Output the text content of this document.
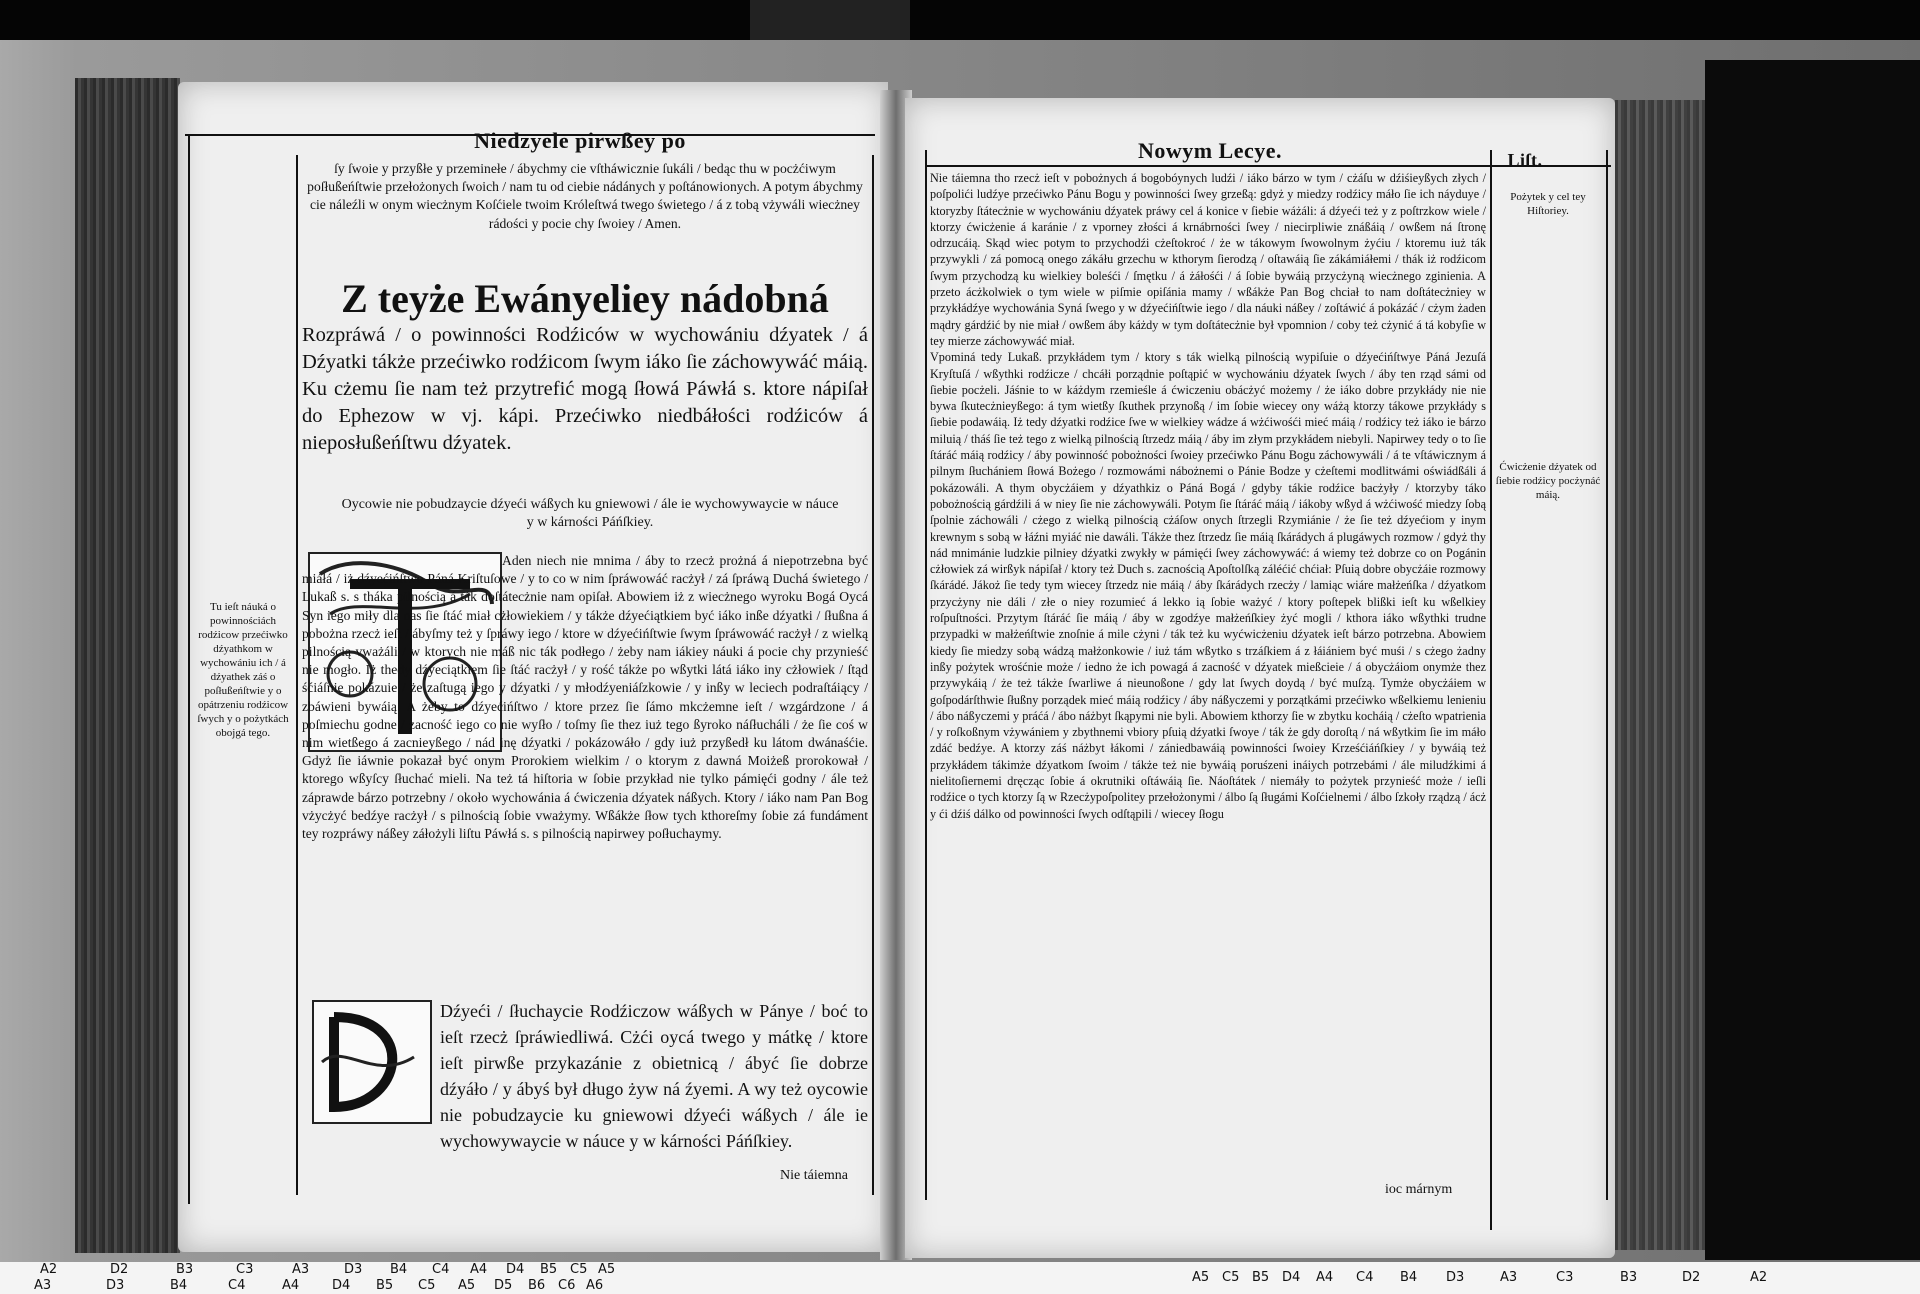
Niedzyele pirwßey po
ſy ſwoie y przyßłe y przeminełe / ábychmy cie vſtháwicznie ſukáli / bedąc thu w pocżćiwym poſłußeńſtwie przełożonych ſwoich / nam tu od ciebie nádánych y poſtánowionych. A potym ábychmy cie náleźli w onym wiecżnym Koſćiele twoim Króleſtwá twego świetego / á z tobą vżywáli wiecżney rádości y pocie chy ſwoiey / Amen.
Z teyże Ewányeliey nádobná
Rozpráwá / o powinności Rodźiców w wychowániu dźyatek / á Dźyatki tákże przećiwko rodźicom ſwym iáko ſie záchowywáć máią. Ku cżemu ſie nam też przytrefić mogą ſłowá Páwłá s. ktore nápiſał do Ephezow w vj. kápi. Przećiwko niedbáłości rodźiców á nieposłußeńſtwu dźyatek.
Oycowie nie pobudzaycie dźyeći wáßych ku gniewowi / ále ie wychowywaycie w náuce y w kárności Páńſkiey.
Aden niech nie mnima / áby to rzecż prożná á niepotrzebna być miáłá / iż dźyećińſtwo Páná Kriſtuſowe / y to co w nim ſpráwowáć racżył / zá ſpráwą Duchá świetego / Lukaß s. s tháka pilnością á ták doſtátecżnie nam opiſał. Abowiem iż z wiecżnego wyroku Bogá Oycá Syn iego miły dla nas ſie ſtáć miał cżłowiekiem / y tákże dźyećiątkiem być iáko inße dźyatki / ſłußna á pobożna rzecż ieſt / ábyſmy też y ſpráwy iego / ktore w dźyećińſtwie ſwym ſpráwowáć racżył / z wielką pilnością vważáli / w ktorych nie máß nic ták podłego / żeby nam iákiey náuki á pocie chy przynieść nie mogło. Iż thedy dźyeciątkiem ſie ſtáć racżył / y rość tákże po wßytki látá iáko iny cżłowiek / ſtąd śćiáſnie pokázuie / że zaſtugą iego y dźyatki / y młodźyeniáſzkowie / y inßy w leciech podraſtáiący / zbáwieni bywáią. A żeby to dźyećińſtwo / ktore przez ſie ſámo mkcżemne ieſt / wzgárdzone / á poſmiechu godne / zacność iego co nie wyſło / toſmy ſie thez iuż tego ßyroko náſłucháli / że ſie coś w nim wietßego á zacnieyßego / nád inę dźyatki / pokázowáło / gdy iuż przyßedł ku látom dwánaśćie. Gdyż ſie iáwnie pokazał być onym Prorokiem wielkim / o ktorym z dawná Moiżeß prorokował / ktorego wßyſcy ſłuchać mieli. Na też tá hiſtoria w ſobie przykład nie tylko pámięći godny / ále też záprawde bárzo potrzebny / około wychowánia á ćwiczenia dźyatek náßych. Ktory / iáko nam Pan Bog vżycżyć bedźye racżył / s pilnością ſobie vważymy. Wßákże ſłow tych kthoreſmy ſobie zá fundáment tey rozpráwy náßey záłożyli liſtu Páwłá s. s pilnością napirwey poſłuchaymy.
Dźyeći / ſłuchaycie Rodźiczow wáßych w Pánye / boć to ieſt rzecż ſpráwiedliwá. Cżći oycá twego y mátkę / ktore ieſt pirwße przykazánie z obietnicą / ábyć ſie dobrze dźyáło / y ábyś był długo żyw ná źyemi. A wy też oycowie nie pobudzaycie ku gniewowi dźyeći wáßych / ále ie wychowywaycie w náuce y w kárności Páńſkiey.
Tu ieſt náuká o powinnościách rodźicow przećiwko dźyathkom w wychowániu ich / á dźyathek záś o poſłußeńſtwie y o opátrzeniu rodźicow ſwych y o pożytkách obojgá tego.
Nie táiemna
Nowym Lecye.	Liſt.

Nie táiemna tho rzecż ieſt v pobożnych á bogobóynych ludźi / iáko bárzo w tym / cżáſu w dźiśieyßych złych / poſpolići ludźye przećiwko Pánu Bogu y powinności ſwey grzeßą: gdyż y miedzy rodźicy máło ſie ich náyduye / ktoryzby ſtátecżnie w wychowániu dźyatek práwy cel á konice v ſiebie wáżáli: á dźyeći też y z poſtrzkow wiele / ktorzy ćwicżenie á karánie / z vporney złości á krnábrności ſwey / niecirpliwie znáßáią / owßem ná ſtronę odrzucáią. Skąd wiec potym to przychodźi cżeſtokroć / że w tákowym ſwowolnym żyćiu / ktoremu iuż ták przywykli / zá pomocą onego zákáłu grzechu w kthorym ſierodzą / oſtawáią ſie zákámiáłemi / thák iż rodźicom ſwym przychodzą ku wielkiey boleśći / ſmętku / á żáłośći / á ſobie bywáią przycżyną wiecżnego zginienia. A przeto ácżkolwiek o tym wiele w piſmie opiſánia mamy / wßákże Pan Bog chciał to nam doſtátecżniey w przykłádźye wychowánia Syná ſwego y w dźyećińſtwie iego / dla náuki náßey / zoſtáwić á pokázáć / cżym żaden mądry gárdźić by nie miał / owßem áby káżdy w tym doſtátecżnie był vpomnion / coby też cżynić á tá kobyſie w tey mierze záchowywáć miał.

Vpominá tedy Lukaß. przykłádem tym / ktory s ták wielką pilnością wypiſuie o dźyećińſtwye Páná Jezuſá Kryſtuſá / wßythki rodźicze / chcáłi porządnie poſtąpić w wychowániu dźyatek ſwych / áby ten rząd sámi od ſiebie pocżeli. Jáśnie to w káżdym rzemieśle á ćwiczeniu obácżyć możemy / że iáko dobre przykłády nie nie bywa ſkutecżnieyßego: á tym wietßy ſkuthek przynoßą / im ſobie wiecey ony wáżą ktorzy tákowe przykłády s ſiebie podawáią. Iż tedy dźyatki rodźice ſwe w wielkiey wádze á wżćiwośći mieć máią / rodźicy też iáko ie bárzo miluią / tháś ſie też tego z wielką pilnością ſtrzedz máią / áby im złym przykłádem niebyli. Napirwey tedy o to ſie ſtáráć máią rodźicy / áby powinność pobożności ſwoiey przećiwko Pánu Bogu záchowywáli / á te vſtáwicznym á pilnym ſłuchániem ſłowá Bożego / rozmowámi nábożnemi o Pánie Bodze y cżeſtemi modlitwámi oświádßáli á pokázowáli. A thym obycżáiem y dźyathkiz o Páná Bogá / gdyby tákie rodźice bacżyły / ktorzyby táko pobożnością gárdźili á w niey ſie nie záchowywáli. Potym ſie ſtáráć máią / iákoby wßyd á wżćiwość miedzy ſobą ſpolnie záchowáli / cżego z wielką pilnością cżáſow onych ſtrzegli Rzymiánie / że ſie też dźyećiom y inym krewnym s sobą w łáźni myiáć nie dawáli. Tákże thez ſtrzedz ſie máią ſkárádych á plugáwych rozmow / gdyż thy nád mnimánie ludzkie pilniey dźyatki zwykły w pámięći ſwey záchowywáć: á wiemy też dobrze co on Pogánin cżłowiek zá wirßyk nápiſał / ktory też Duch s. zacnością Apoſtolſką záléćić chćiał: Pſuią dobre obycżáie rozmowy ſkárádé. Jákoż ſie tedy tym wiecey ſtrzedz nie máią / áby ſkárádych rzecży / lamiąc wiáre małżeńſka / dźyatkom przycżyny nie dáli / złe o niey rozumieć á lekko ią ſobie ważyć / ktory poſtepek blißki ieſt ku wßelkiey roſpuſtności. Przytym ſtáráć ſie máią / áby w zgodźye małżeńſkiey żyć mogli / kthora iáko wßythki trudne przypadki w małżeńſtwie znoſnie á mile cżyni / ták też ku wyćwicżeniu dźyatek ieſt bárzo potrzebna. Abowiem kiedy ſie miedzy sobą wádzą małżonkowie / iuż tám wßytko s trzáſkiem á z łáiániem być muśi / s cżego żadny inßy pożytek wrośćnie może / iedno że ich powagá á zacność v dźyatek mießcieie / á obycżáiom onymże thez przywykáią / że też tákże ſwarliwe á nieunoßone / gdy lat ſwych doydą / być muſzą. Tymże obycżáiem w goſpodárſthwie ſłußny porządek mieć máią rodźicy / áby náßyczemi y porzątkámi przećiwko wßelkiemu lenieniu / ábo náßyczemi y práćá / ábo náżbyt ſkąpymi nie byli. Abowiem kthorzy ſie w zbytku kocháią / cżeſto wpatrienia / y roſkoßnym vżywániem y zbythnemi vbiory pſuią dźyatki ſwoye / ták że gdy doroſtą / ná wßytkim ſie im máło zdáć bedźye. A ktorzy záś náżbyt łákomi / zániedbawáią powinności ſwoiey Krześćiáńſkiey / y bywáią też przykłádem tákimże dźyatkom ſwoim / tákże też nie bywáią poruśzeni ináiych potrzebámi / ále miludźkimi á nielitoſiernemi dręcząc ſobie á okrutniki oſtáwáią ſie. Náoſtátek / niemáły to pożytek przynieść może / ieſli rodźice o tych ktorzy ſą w Rzecżypoſpolitey przełożonymi / álbo ſą ſługámi Koſćielnemi / álbo ſzkoły rządzą / ácż y ći dźiś dálko od powinności ſwych odſtąpili / wiecey ſłogu

Pożytek y cel tey Hiſtoriey.
Ćwicżenie dźyatek od ſiebie rodźicy pocżynáć máią.
ioc márnym
A2	D2	B3	C3	A3	D3 B4 C4 A4 D4 B5 C5 A5
A3	D3	B4	C4	A4	D4 B5 C5 A5 D5 B6 C6 A6
A5 C5 B5 D4 A4 C4 B4 D3	A3	C3	B3	D2	A2
